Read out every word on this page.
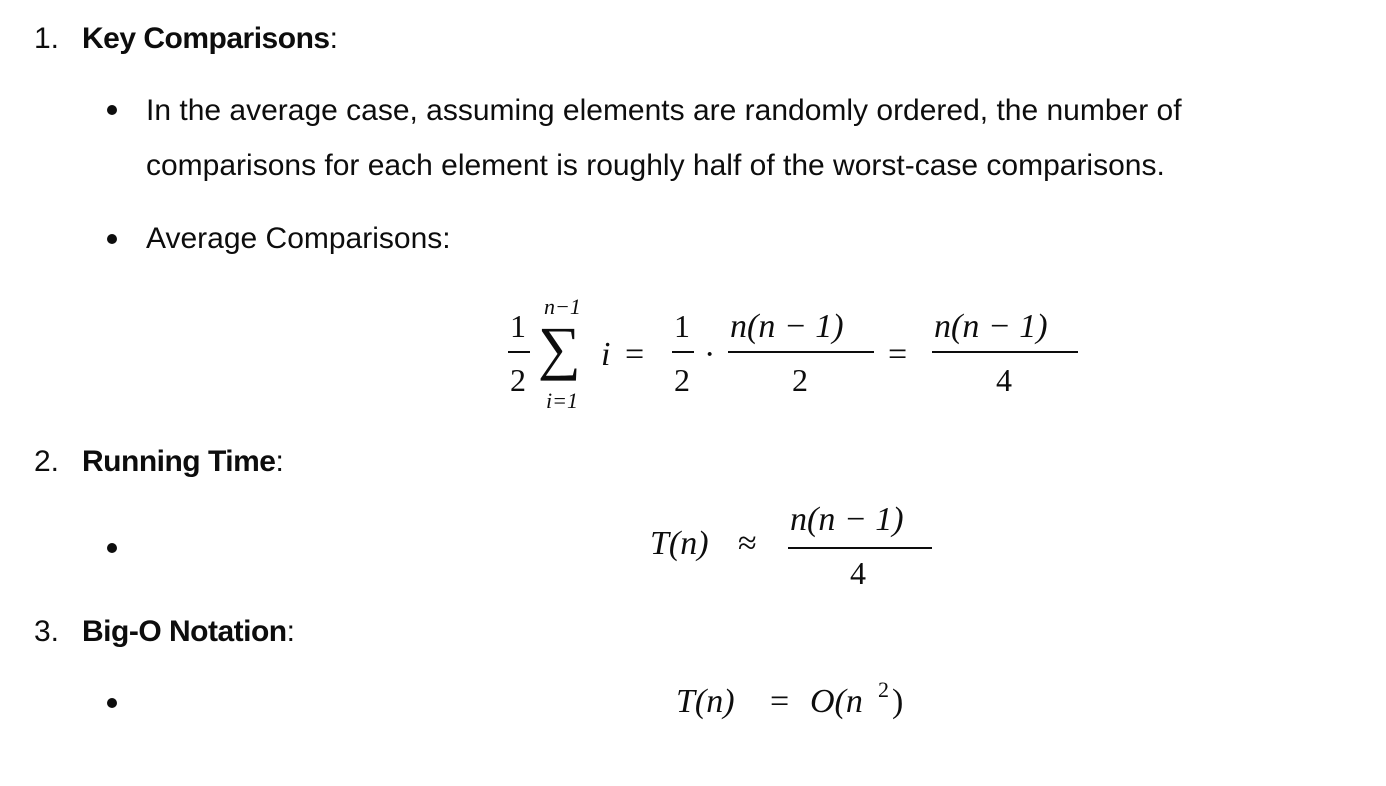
1. Key Comparisons:
In the average case, assuming elements are randomly ordered, the number of
comparisons for each element is roughly half of the worst-case comparisons.
Average Comparisons:
1
2
n−1
∑
i=1
i =
1
2
·
n(n − 1)
2
=
n(n − 1)
4
2. Running Time:
T(n) ≈
n(n − 1)
4
3. Big-O Notation:
T(n) = O(n 2 )
